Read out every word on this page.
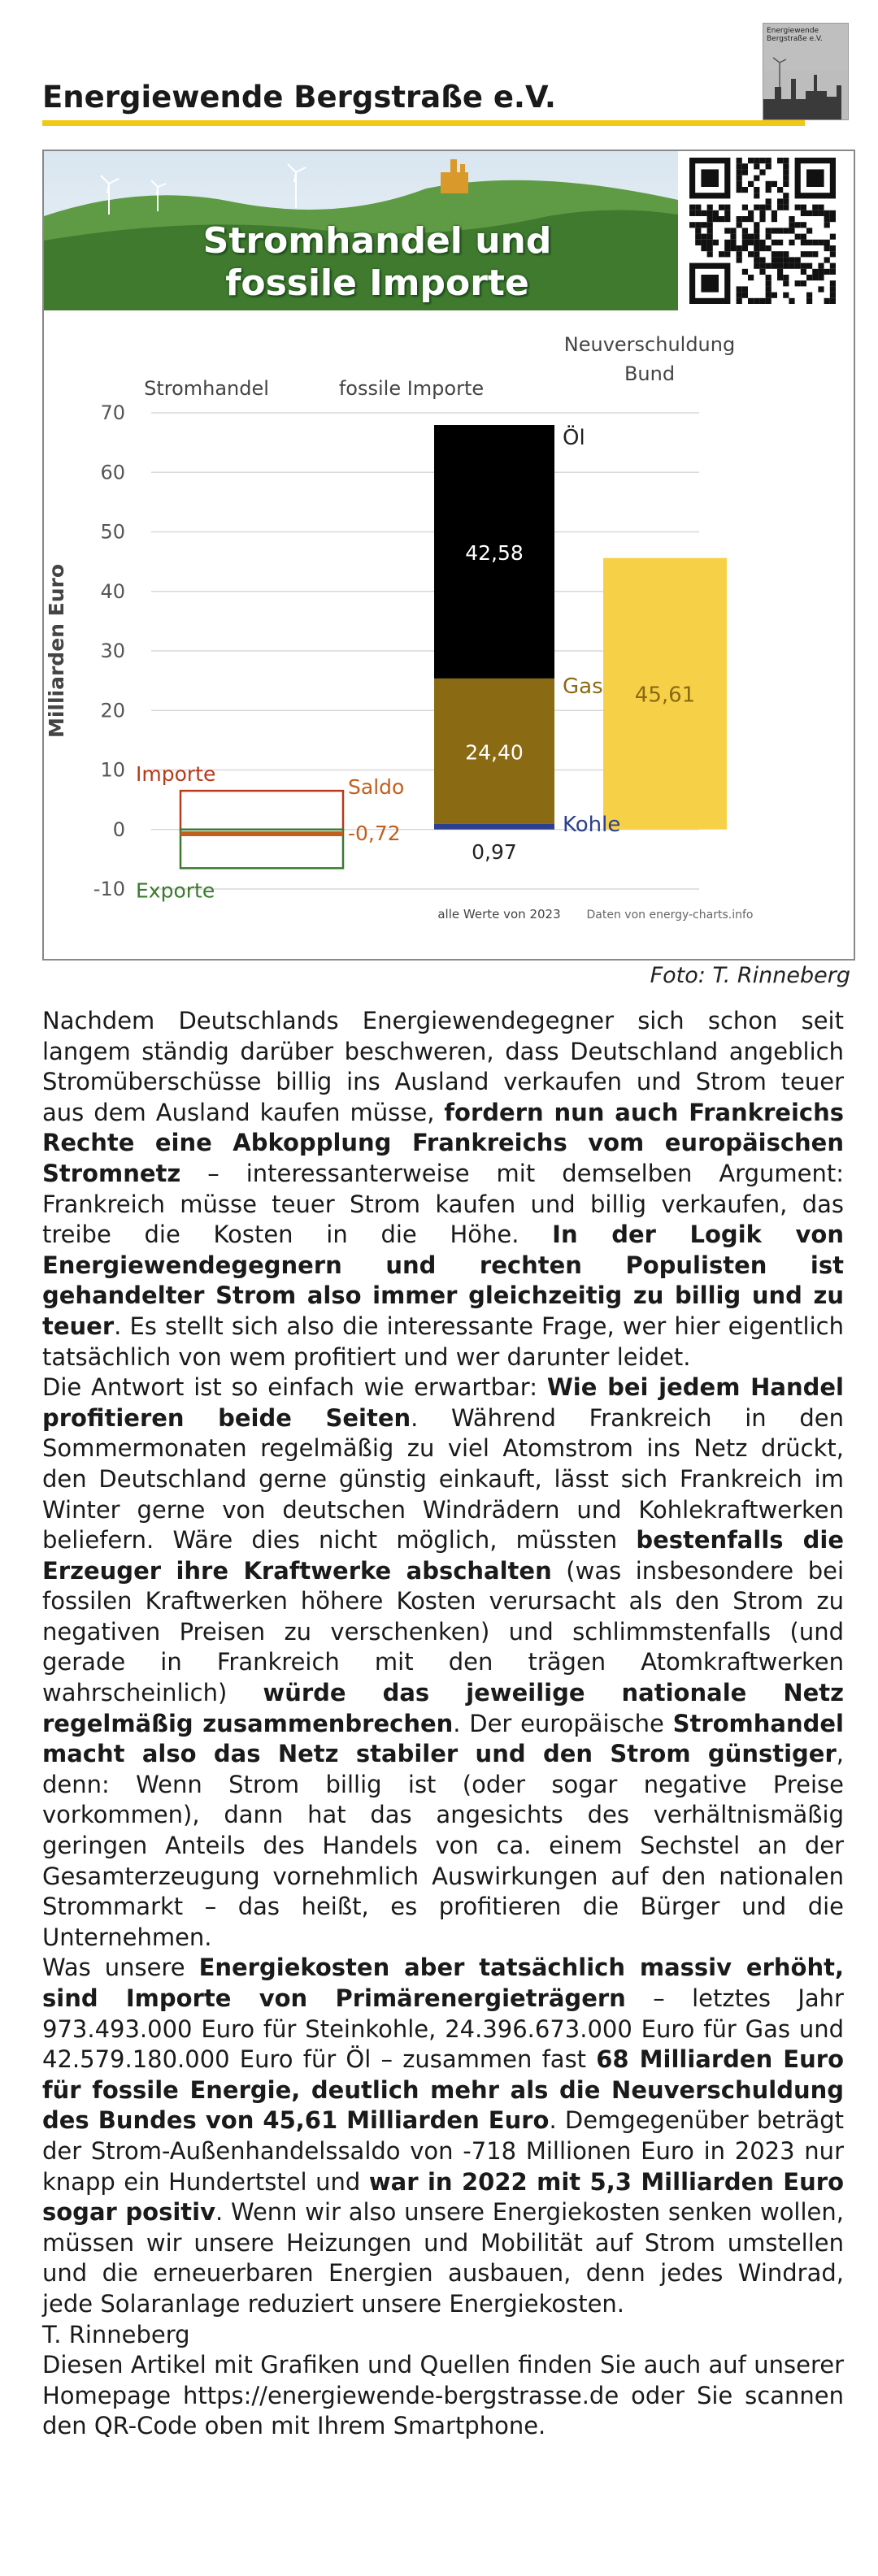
Energiewende Bergstraße e.V.
Energiewende Bergstraße e.V.
Stromhandel und
fossile Importe
-10
0
10
20
30
40
50
60
70
Milliarden Euro
Stromhandel	fossile Importe
Neuverschuldung
Bund
Importe
Exporte
Saldo
-0,72	Kohle
0,97
Gas
24,40
Öl
42,58
45,61
alle Werte von 2023 Daten von energy-charts.info
Foto: T. Rinneberg

Nachdem Deutschlands Energiewendegegner sich schon seit langem ständig darüber beschweren, dass Deutschland angeblich Stromüberschüsse billig ins Ausland verkaufen und Strom teuer aus dem Ausland kaufen müsse, fordern nun auch Frankreichs Rechte eine Abkopplung Frankreichs vom europäischen Stromnetz – interessanterweise mit demselben Argument: Frankreich müsse teuer Strom kaufen und billig verkaufen, das treibe die Kosten in die Höhe. In der Logik von Energiewendegegnern und rechten Populisten ist gehandelter Strom also immer gleichzeitig zu billig und zu teuer. Es stellt sich also die interessante Frage, wer hier eigentlich tatsächlich von wem profitiert und wer darunter leidet.

Die Antwort ist so einfach wie erwartbar: Wie bei jedem Handel profitieren beide Seiten. Während Frankreich in den Sommermonaten regelmäßig zu viel Atomstrom ins Netz drückt, den Deutschland gerne günstig einkauft, lässt sich Frankreich im Winter gerne von deutschen Windrädern und Kohlekraftwerken beliefern. Wäre dies nicht möglich, müssten bestenfalls die Erzeuger ihre Kraftwerke abschalten (was insbesondere bei fossilen Kraftwerken höhere Kosten verursacht als den Strom zu negativen Preisen zu verschenken) und schlimmstenfalls (und gerade in Frankreich mit den trägen Atomkraftwerken wahrscheinlich) würde das jeweilige nationale Netz regelmäßig zusammenbrechen. Der europäische Stromhandel macht also das Netz stabiler und den Strom günstiger, denn: Wenn Strom billig ist (oder sogar negative Preise vorkommen), dann hat das angesichts des verhältnismäßig geringen Anteils des Handels von ca. einem Sechstel an der Gesamterzeugung vornehmlich Auswirkungen auf den nationalen Strommarkt – das heißt, es profitieren die Bürger und die Unternehmen.

Was unsere Energiekosten aber tatsächlich massiv erhöht, sind Importe von Primärenergieträgern – letztes Jahr 973.493.000 Euro für Steinkohle, 24.396.673.000 Euro für Gas und 42.579.180.000 Euro für Öl – zusammen fast 68 Milliarden Euro für fossile Energie, deutlich mehr als die Neuverschuldung des Bundes von 45,61 Milliarden Euro. Demgegenüber beträgt der Strom-Außenhandelssaldo von -718 Millionen Euro in 2023 nur knapp ein Hundertstel und war in 2022 mit 5,3 Milliarden Euro sogar positiv. Wenn wir also unsere Energiekosten senken wollen, müssen wir unsere Heizungen und Mobilität auf Strom umstellen und die erneuerbaren Energien ausbauen, denn jedes Windrad, jede Solaranlage reduziert unsere Energiekosten.

T. Rinneberg

Diesen Artikel mit Grafiken und Quellen finden Sie auch auf unserer Homepage https://energiewende-bergstrasse.de oder Sie scannen den QR-Code oben mit Ihrem Smartphone.
